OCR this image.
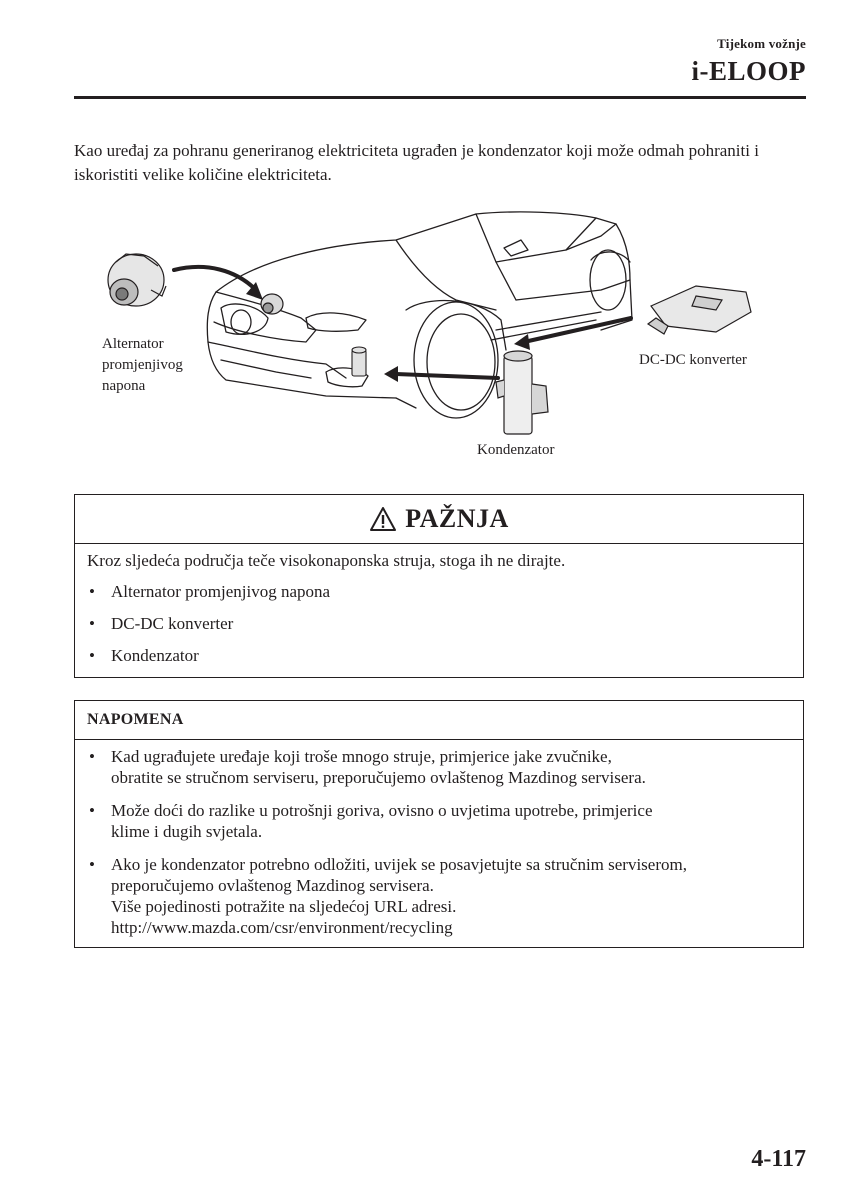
Tijekom vožnje
i-ELOOP

Kao uređaj za pohranu generiranog elektriciteta ugrađen je kondenzator koji može odmah pohraniti i iskoristiti velike količine elektriciteta.

Alternator
promjenjivog
napona
DC-DC konverter
Kondenzator
PAŽNJA

Kroz sljedeća područja teče visokonaponska struja, stoga ih ne dirajte.

• Alternator promjenjivog napona
• DC-DC konverter
• Kondenzator
NAPOMENA
• Kad ugrađujete uređaje koji troše mnogo struje, primjerice jake zvučnike,
obratite se stručnom serviseru, preporučujemo ovlaštenog Mazdinog servisera.
• Može doći do razlike u potrošnji goriva, ovisno o uvjetima upotrebe, primjerice
klime i dugih svjetala.
• Ako je kondenzator potrebno odložiti, uvijek se posavjetujte sa stručnim serviserom,
preporučujemo ovlaštenog Mazdinog servisera.
Više pojedinosti potražite na sljedećoj URL adresi.
http://www.mazda.com/csr/environment/recycling
4-117
